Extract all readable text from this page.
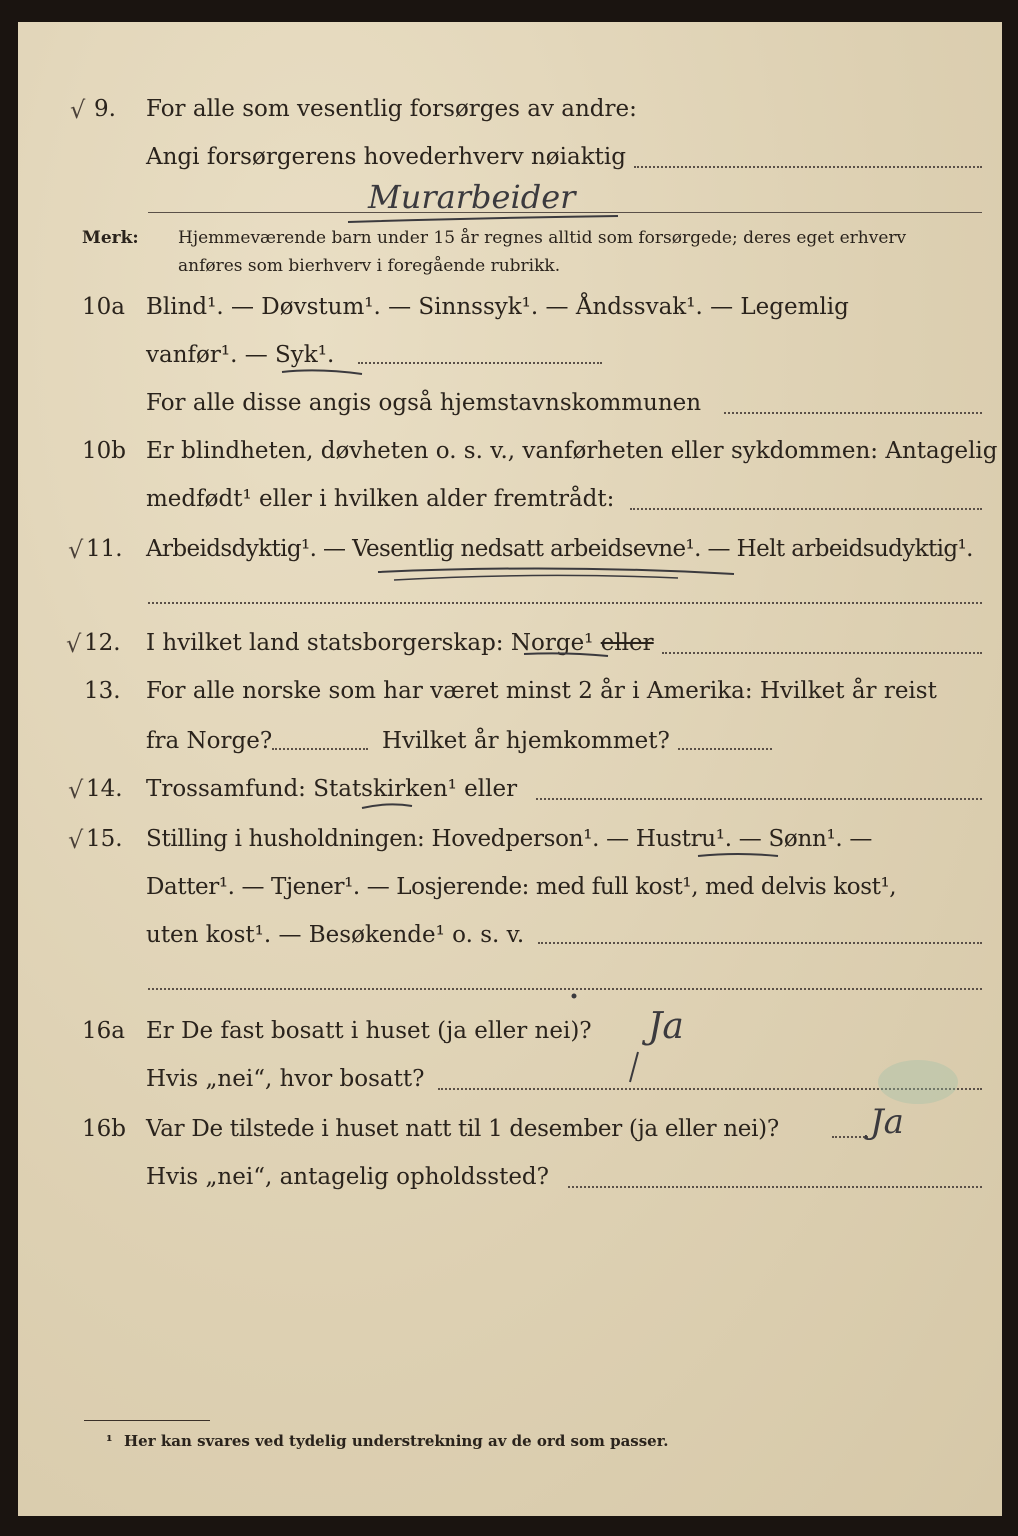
√ 9. For alle som vesentlig forsørges av andre:
Angi forsørgerens hovederhverv nøiaktig
Murarbeider
Merk: Hjemmeværende barn under 15 år regnes alltid som forsørgede; deres eget erhverv
anføres som bierhverv i foregående rubrikk.
10a Blind¹. — Døvstum¹. — Sinnssyk¹. — Åndssvak¹. — Legemlig
vanfør¹. — Syk¹.
For alle disse angis også hjemstavnskommunen
10b Er blindheten, døvheten o. s. v., vanførheten eller sykdommen: Antagelig
medfødt¹ eller i hvilken alder fremtrådt:
√ 11. Arbeidsdyktig¹. — Vesentlig nedsatt arbeidsevne¹. — Helt arbeidsudyktig¹.
√ 12. I hvilket land statsborgerskap: Norge¹ eller
13. For alle norske som har været minst 2 år i Amerika: Hvilket år reist
fra Norge?	Hvilket år hjemkommet?
√ 14. Trossamfund: Statskirken¹ eller
√ 15. Stilling i husholdningen: Hovedperson¹. — Hustru¹. — Sønn¹. —
Datter¹. — Tjener¹. — Losjerende: med full kost¹, med delvis kost¹,
uten kost¹. — Besøkende¹ o. s. v.
16a Er De fast bosatt i huset (ja eller nei)? Ja
Hvis „nei“, hvor bosatt?
16b Var De tilstede i huset natt til 1 desember (ja eller nei)?	Ja
Hvis „nei“, antagelig opholdssted?
¹ Her kan svares ved tydelig understrekning av de ord som passer.
